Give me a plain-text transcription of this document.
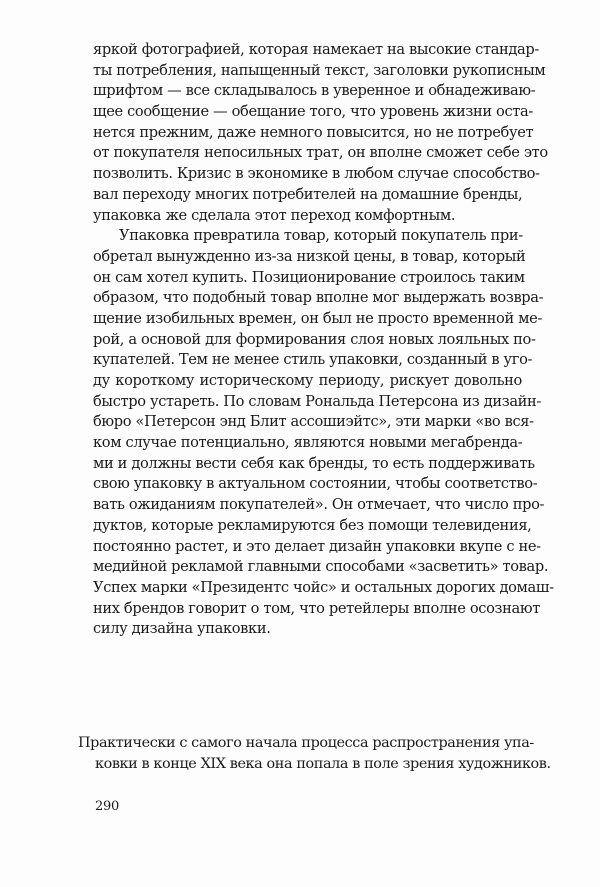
яркой фотографией, которая намекает на высокие стандар-
ты потребления, напыщенный текст, заголовки рукописным
шрифтом — все складывалось в уверенное и обнадеживаю-
щее сообщение — обещание того, что уровень жизни оста-
нется прежним, даже немного повысится, но не потребует
от покупателя непосильных трат, он вполне сможет себе это
позволить. Кризис в экономике в любом случае способство-
вал переходу многих потребителей на домашние бренды,
упаковка же сделала этот переход комфортным.
Упаковка превратила товар, который покупатель при-
обретал вынужденно из-за низкой цены, в товар, который
он сам хотел купить. Позиционирование строилось таким
образом, что подобный товар вполне мог выдержать возвра-
щение изобильных времен, он был не просто временной ме-
рой, а основой для формирования слоя новых лояльных по-
купателей. Тем не менее стиль упаковки, созданный в уго-
ду короткому историческому периоду, рискует довольно
быстро устареть. По словам Рональда Петерсона из дизайн-
бюро «Петерсон энд Блит ассошиэйтс», эти марки «во вся-
ком случае потенциально, являются новыми мегабренда-
ми и должны вести себя как бренды, то есть поддерживать
свою упаковку в актуальном состоянии, чтобы соответство-
вать ожиданиям покупателей». Он отмечает, что число про-
дуктов, которые рекламируются без помощи телевидения,
постоянно растет, и это делает дизайн упаковки вкупе с не-
медийной рекламой главными способами «засветить» товар.
Успех марки «Президентс чойс» и остальных дорогих домаш-
них брендов говорит о том, что ретейлеры вполне осознают
силу дизайна упаковки.
Практически с самого начала процесса распространения упа-
ковки в конце XIX века она попала в поле зрения художников.
290
